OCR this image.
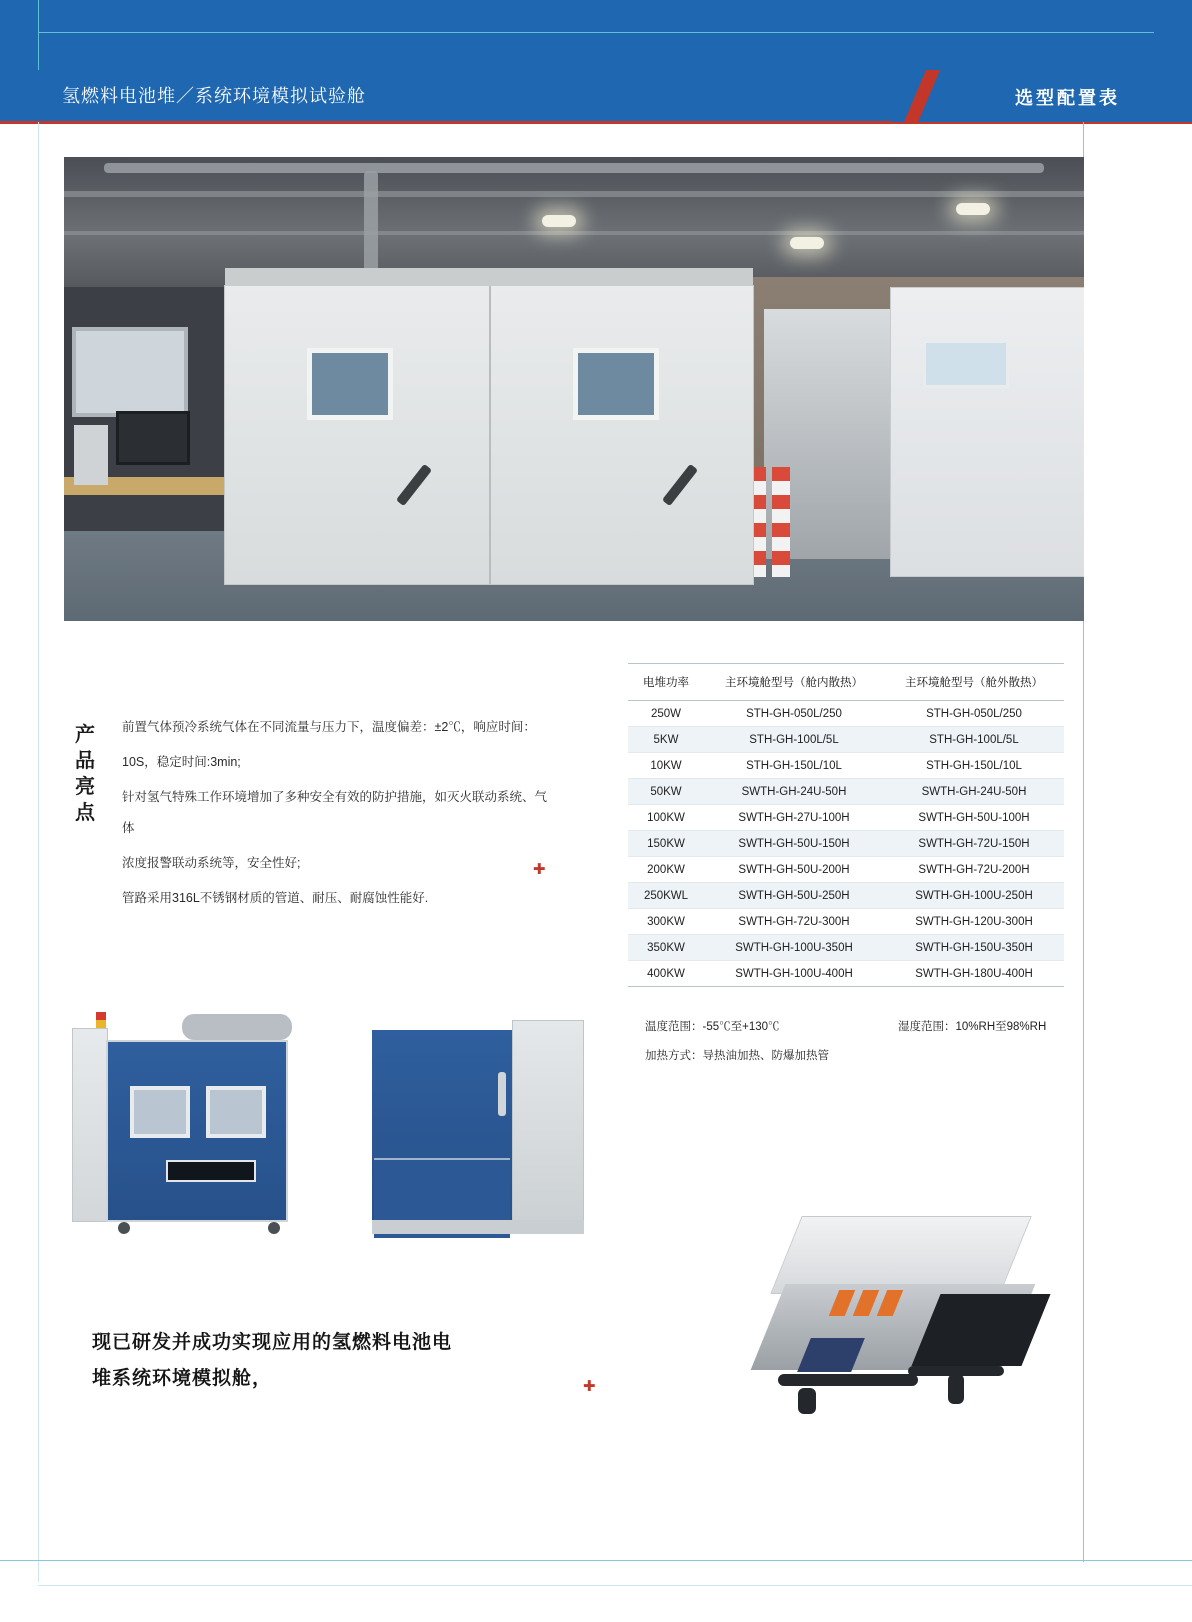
氢燃料电池堆／系统环境模拟试验舱	选型配置表
产
品
亮
点

前置气体预冷系统气体在不同流量与压力下，温度偏差：±2℃，响应时间：

10S，稳定时间:3min;

针对氢气特殊工作环境增加了多种安全有效的防护措施，如灭火联动系统、气体

浓度报警联动系统等，安全性好;

管路采用316L不锈钢材质的管道、耐压、耐腐蚀性能好.

✚
✚
电堆功率	主环境舱型号（舱内散热）	主环境舱型号（舱外散热）
250W	STH-GH-050L/250	STH-GH-050L/250
5KW	STH-GH-100L/5L	STH-GH-100L/5L
10KW	STH-GH-150L/10L	STH-GH-150L/10L
50KW	SWTH-GH-24U-50H	SWTH-GH-24U-50H
100KW	SWTH-GH-27U-100H	SWTH-GH-50U-100H
150KW	SWTH-GH-50U-150H	SWTH-GH-72U-150H
200KW	SWTH-GH-50U-200H	SWTH-GH-72U-200H
250KWL	SWTH-GH-50U-250H	SWTH-GH-100U-250H
300KW	SWTH-GH-72U-300H	SWTH-GH-120U-300H
350KW	SWTH-GH-100U-350H	SWTH-GH-150U-350H
400KW	SWTH-GH-100U-400H	SWTH-GH-180U-400H
温度范围：-55℃至+130℃	湿度范围：10%RH至98%RH
加热方式：导热油加热、防爆加热管
现已研发并成功实现应用的氢燃料电池电
堆系统环境模拟舱，
